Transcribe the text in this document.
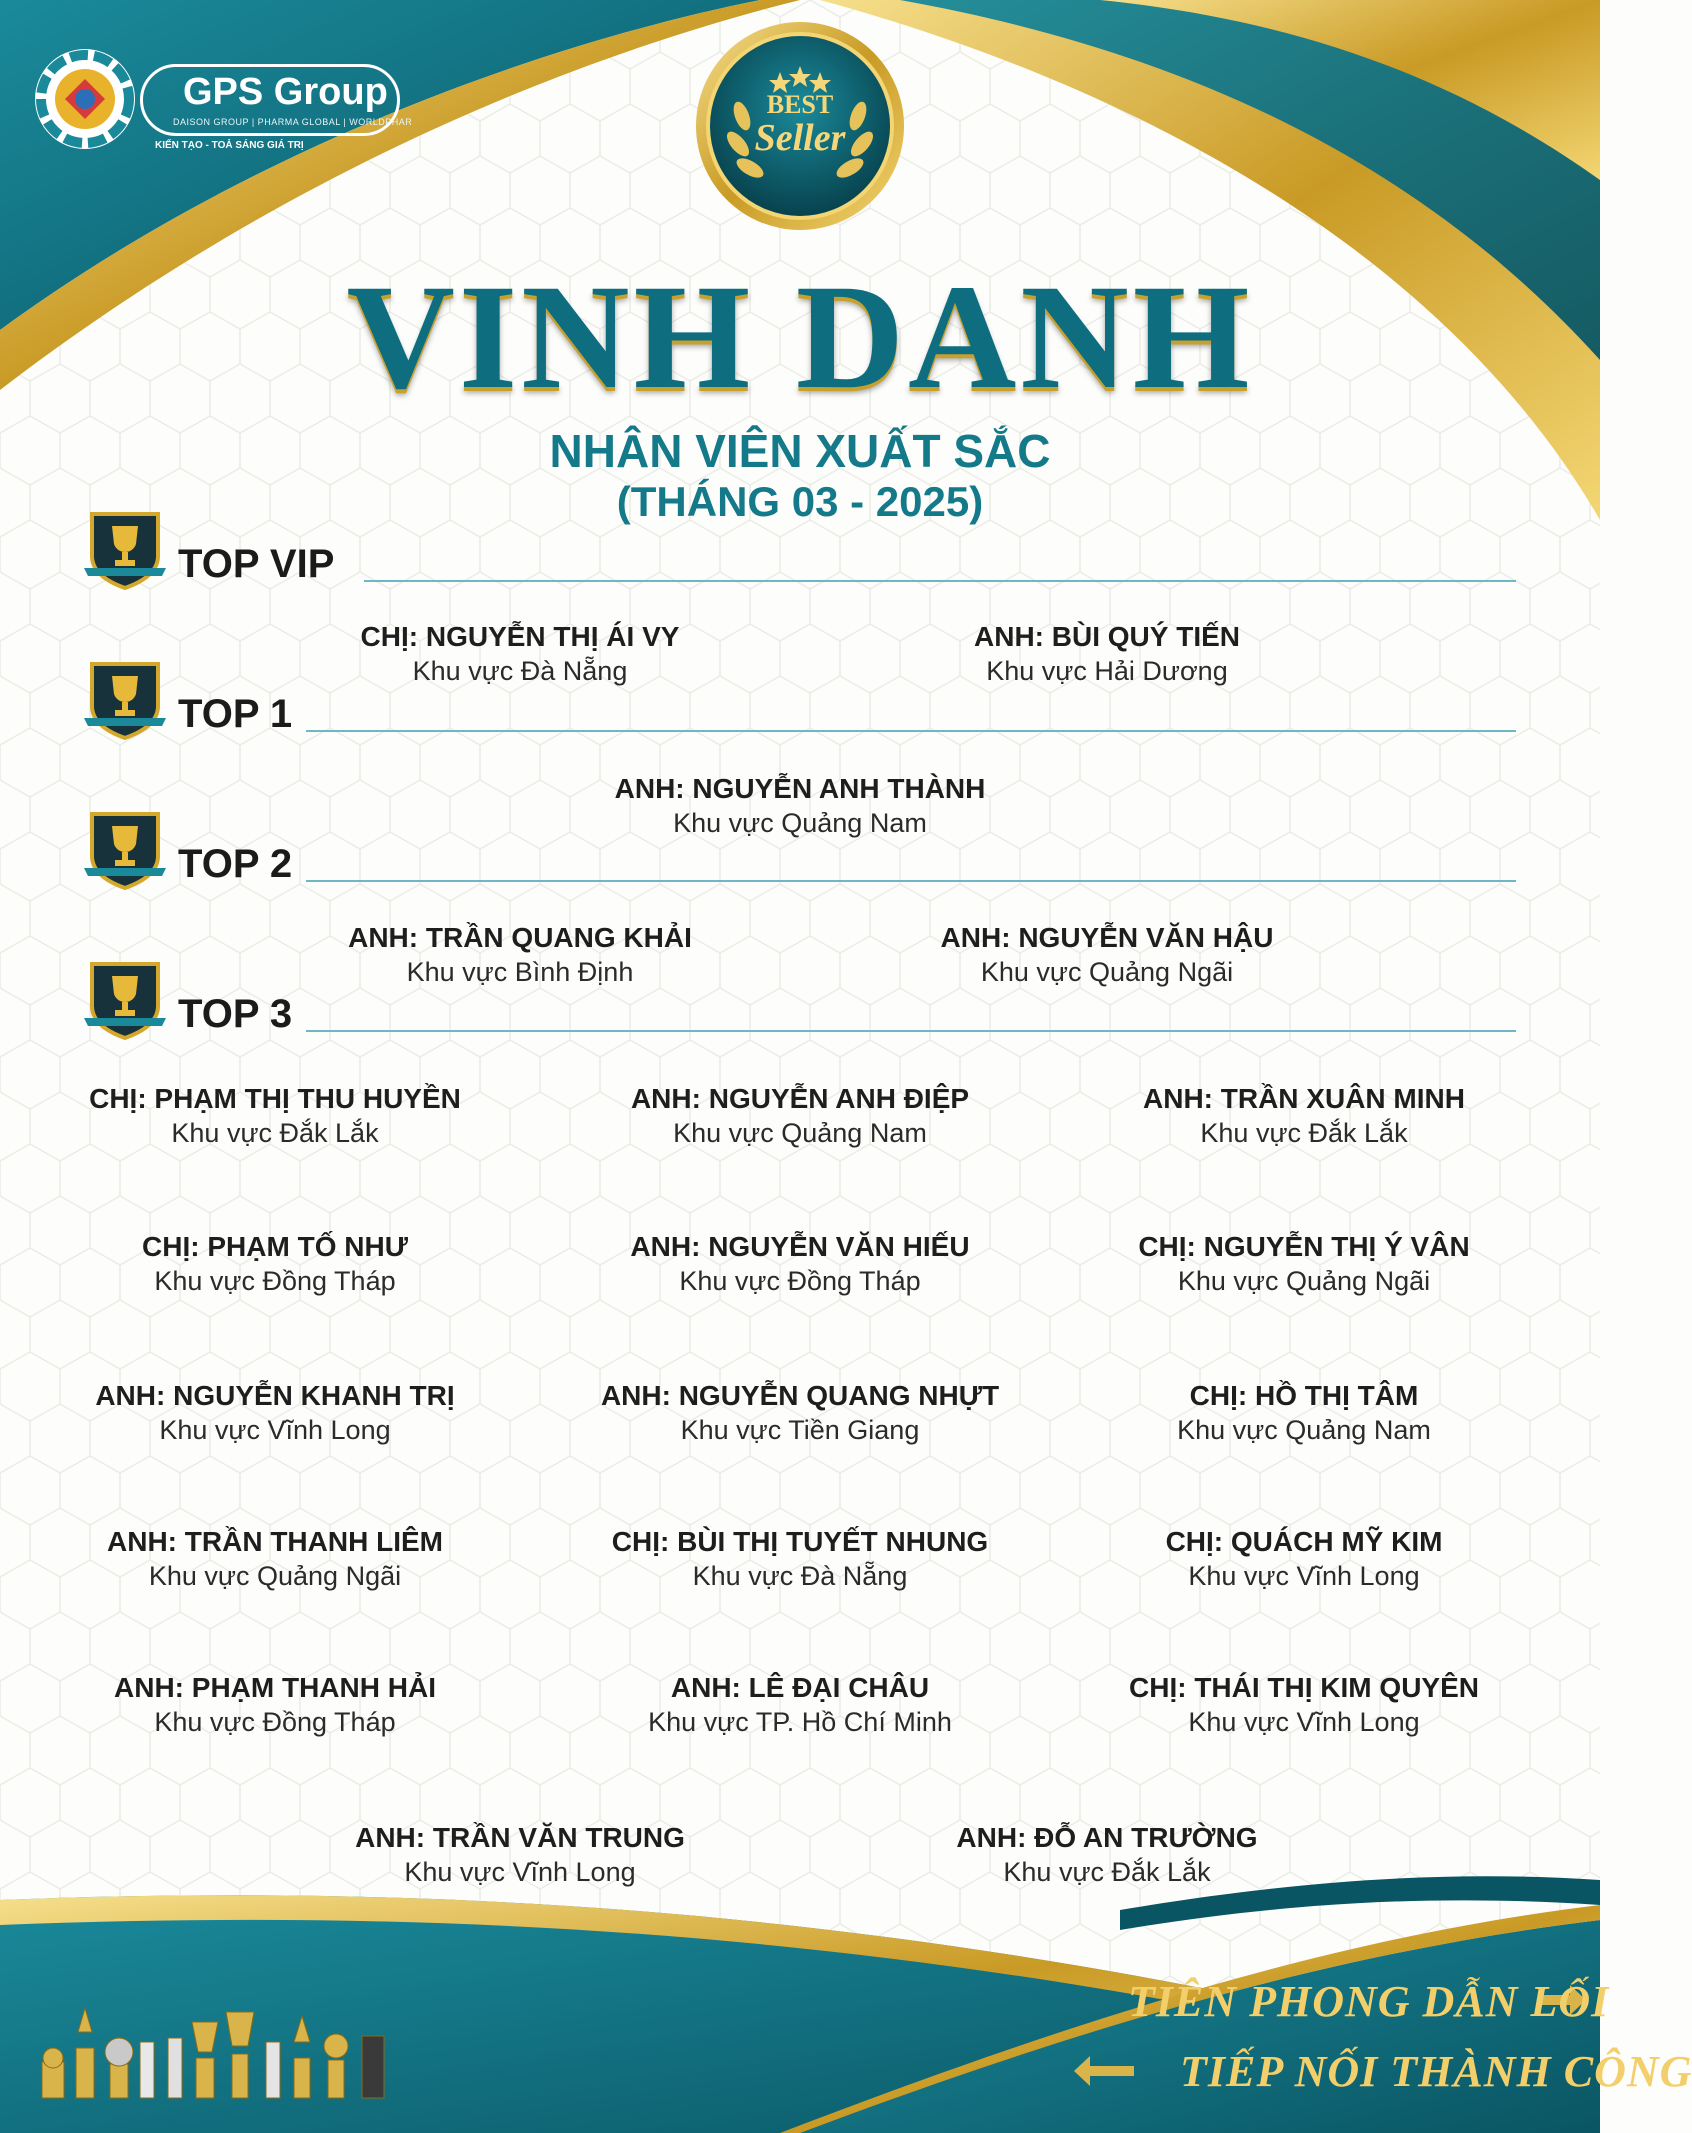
GPS Group
DAISON GROUP | PHARMA GLOBAL | WORLDPHAR
KIẾN TẠO - TOẢ SÁNG GIÁ TRỊ
BEST
Seller
VINH DANH
NHÂN VIÊN XUẤT SẮC
(THÁNG 03 - 2025)
TOP VIP
TOP 1
TOP 2
TOP 3
CHỊ: NGUYỄN THỊ ÁI VY
Khu vực Đà Nẵng
ANH: BÙI QUÝ TIẾN
Khu vực Hải Dương
ANH: NGUYỄN ANH THÀNH
Khu vực Quảng Nam
ANH: TRẦN QUANG KHẢI
Khu vực Bình Định
ANH: NGUYỄN VĂN HẬU
Khu vực Quảng Ngãi
CHỊ: PHẠM THỊ THU HUYỀN
Khu vực Đắk Lắk
ANH: NGUYỄN ANH ĐIỆP
Khu vực Quảng Nam
ANH: TRẦN XUÂN MINH
Khu vực Đắk Lắk
CHỊ: PHẠM TỐ NHƯ
Khu vực Đồng Tháp
ANH: NGUYỄN VĂN HIẾU
Khu vực Đồng Tháp
CHỊ: NGUYỄN THỊ Ý VÂN
Khu vực Quảng Ngãi
ANH: NGUYỄN KHANH TRỊ
Khu vực Vĩnh Long
ANH: NGUYỄN QUANG NHỰT
Khu vực Tiền Giang
CHỊ: HỒ THỊ TÂM
Khu vực Quảng Nam
ANH: TRẦN THANH LIÊM
Khu vực Quảng Ngãi
CHỊ: BÙI THỊ TUYẾT NHUNG
Khu vực Đà Nẵng
CHỊ: QUÁCH MỸ KIM
Khu vực Vĩnh Long
ANH: PHẠM THANH HẢI
Khu vực Đồng Tháp
ANH: LÊ ĐẠI CHÂU
Khu vực TP. Hồ Chí Minh
CHỊ: THÁI THỊ KIM QUYÊN
Khu vực Vĩnh Long
ANH: TRẦN VĂN TRUNG
Khu vực Vĩnh Long
ANH: ĐỖ AN TRƯỜNG
Khu vực Đắk Lắk
TIÊN PHONG DẪN LỐI
TIẾP NỐI THÀNH CÔNG
